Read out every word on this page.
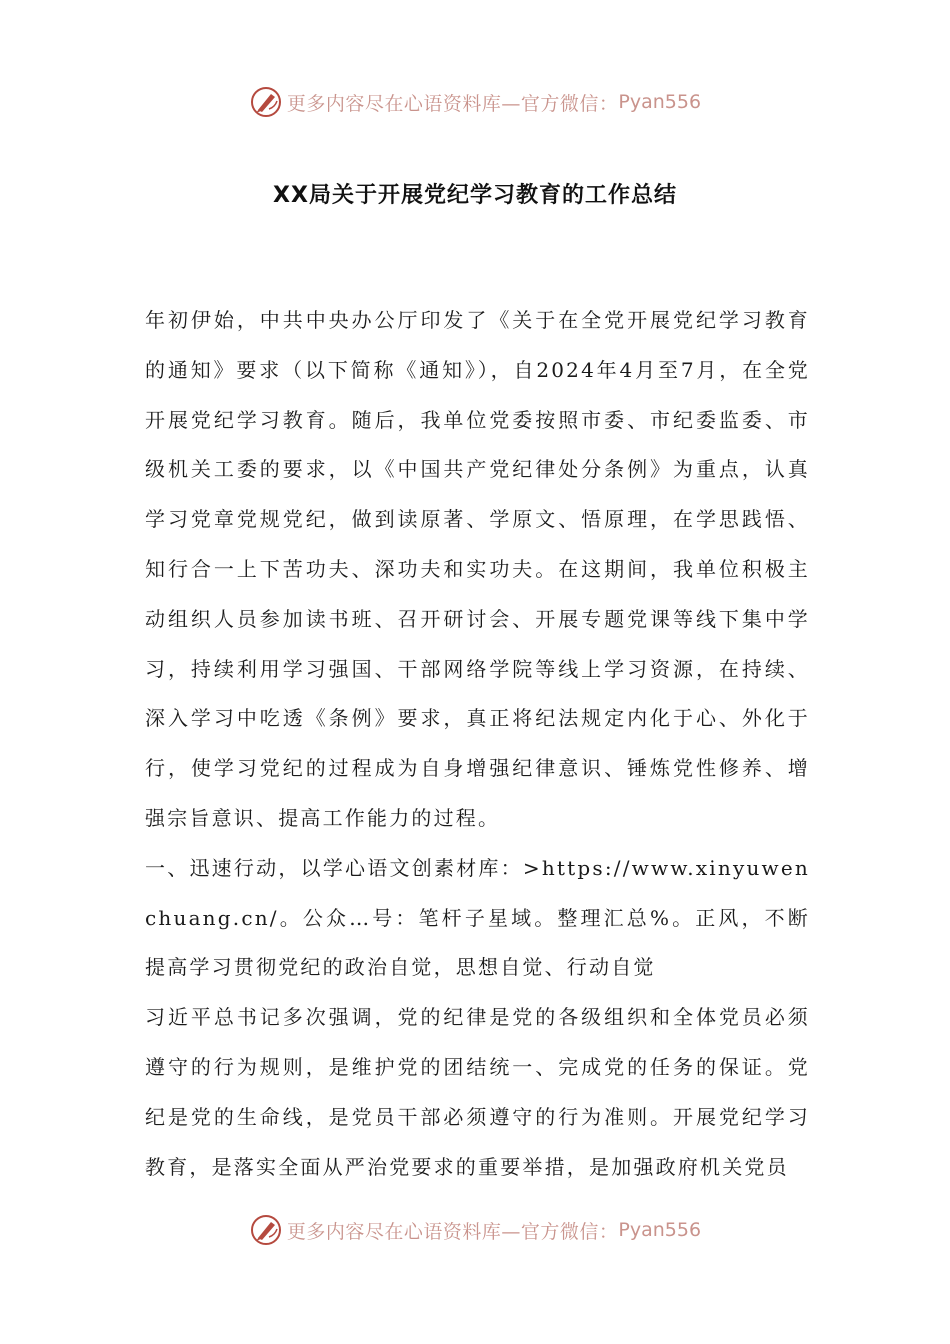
更多内容尽在心语资料库—官方微信： Pyan556
XX局关于开展党纪学习教育的工作总结

年初伊始，中共中央办公厅印发了《关于在全党开展党纪学习教育的通知》要求（以下简称《通知》），自2024年4月至7月，在全党开展党纪学习教育。随后，我单位党委按照市委、市纪委监委、市级机关工委的要求，以《中国共产党纪律处分条例》为重点，认真学习党章党规党纪，做到读原著、学原文、悟原理，在学思践悟、知行合一上下苦功夫、深功夫和实功夫。在这期间，我单位积极主动组织人员参加读书班、召开研讨会、开展专题党课等线下集中学习，持续利用学习强国、干部网络学院等线上学习资源，在持续、深入学习中吃透《条例》要求，真正将纪法规定内化于心、外化于行，使学习党纪的过程成为自身增强纪律意识、锤炼党性修养、增强宗旨意识、提高工作能力的过程。

一、迅速行动，以学心语文创素材库：>https://www.xinyuwenchuang.cn/。公众…号：笔杆子星域。整理汇总%。正风，不断提高学习贯彻党纪的政治自觉，思想自觉、行动自觉

习近平总书记多次强调，党的纪律是党的各级组织和全体党员必须遵守的行为规则，是维护党的团结统一、完成党的任务的保证。党纪是党的生命线，是党员干部必须遵守的行为准则。开展党纪学习教育，是落实全面从严治党要求的重要举措，是加强政府机关党员

更多内容尽在心语资料库—官方微信： Pyan556
